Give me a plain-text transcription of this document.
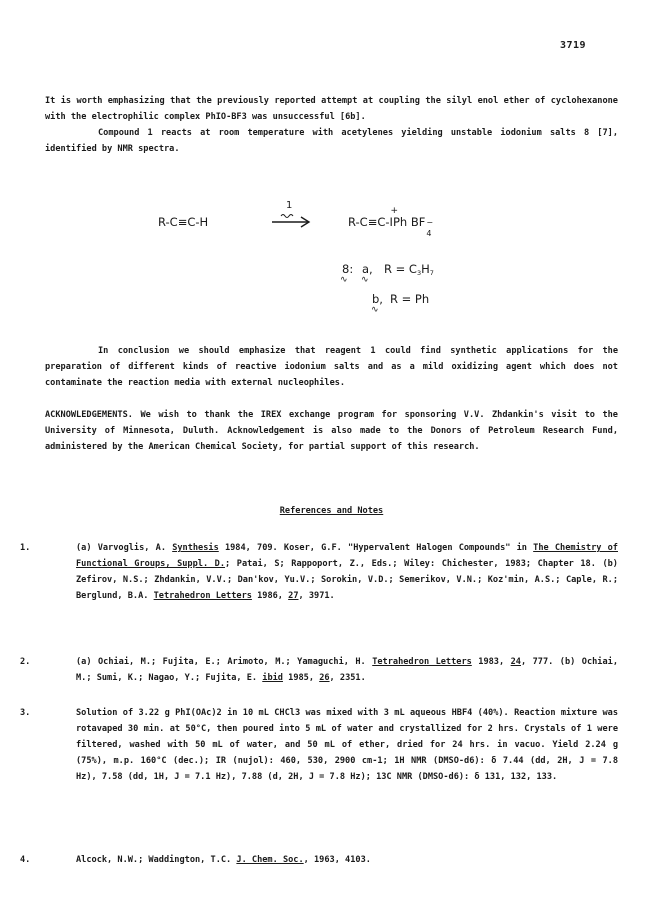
3719

It is worth emphasizing that the previously reported attempt at coupling the silyl enol ether of cyclohexanone with the electrophilic complex PhIO-BF3 was unsuccessful [6b].

Compound 1 reacts at room temperature with acetylenes yielding unstable iodonium salts 8 [7], identified by NMR spectra.

R-C≡C-H
1
R-C≡C-I
+
Ph BF −
4
8:
∿
a,
∿
$R = C_3H_7$
b,
∿
R = Ph
In conclusion we should emphasize that reagent 1 could find synthetic applications for the preparation of different kinds of reactive iodonium salts and as a mild oxidizing agent which does not contaminate the reaction media with external nucleophiles.
ACKNOWLEDGEMENTS. We wish to thank the IREX exchange program for sponsoring V.V. Zhdankin's visit to the University of Minnesota, Duluth. Acknowledgement is also made to the Donors of Petroleum Research Fund, administered by the American Chemical Society, for partial support of this research.
References and Notes
1.	(a) Varvoglis, A. Synthesis 1984, 709. Koser, G.F. "Hypervalent Halogen Compounds" in The Chemistry of Functional Groups, Suppl. D.; Patai, S; Rappoport, Z., Eds.; Wiley: Chichester, 1983; Chapter 18. (b) Zefirov, N.S.; Zhdankin, V.V.; Dan'kov, Yu.V.; Sorokin, V.D.; Semerikov, V.N.; Koz'min, A.S.; Caple, R.; Berglund, B.A. Tetrahedron Letters 1986, 27, 3971.
2.	(a) Ochiai, M.; Fujita, E.; Arimoto, M.; Yamaguchi, H. Tetrahedron Letters 1983, 24, 777. (b) Ochiai, M.; Sumi, K.; Nagao, Y.; Fujita, E. ibid 1985, 26, 2351.
3.	Solution of 3.22 g PhI(OAc)2 in 10 mL CHCl3 was mixed with 3 mL aqueous HBF4 (40%). Reaction mixture was rotavaped 30 min. at 50°C, then poured into 5 mL of water and crystallized for 2 hrs. Crystals of 1 were filtered, washed with 50 mL of water, and 50 mL of ether, dried for 24 hrs. in vacuo. Yield 2.24 g (75%), m.p. 160°C (dec.); IR (nujol): 460, 530, 2900 cm-1; 1H NMR (DMSO-d6): δ 7.44 (dd, 2H, J = 7.8 Hz), 7.58 (dd, 1H, J = 7.1 Hz), 7.88 (d, 2H, J = 7.8 Hz); 13C NMR (DMSO-d6): δ 131, 132, 133.
4.	Alcock, N.W.; Waddington, T.C. J. Chem. Soc., 1963, 4103.
